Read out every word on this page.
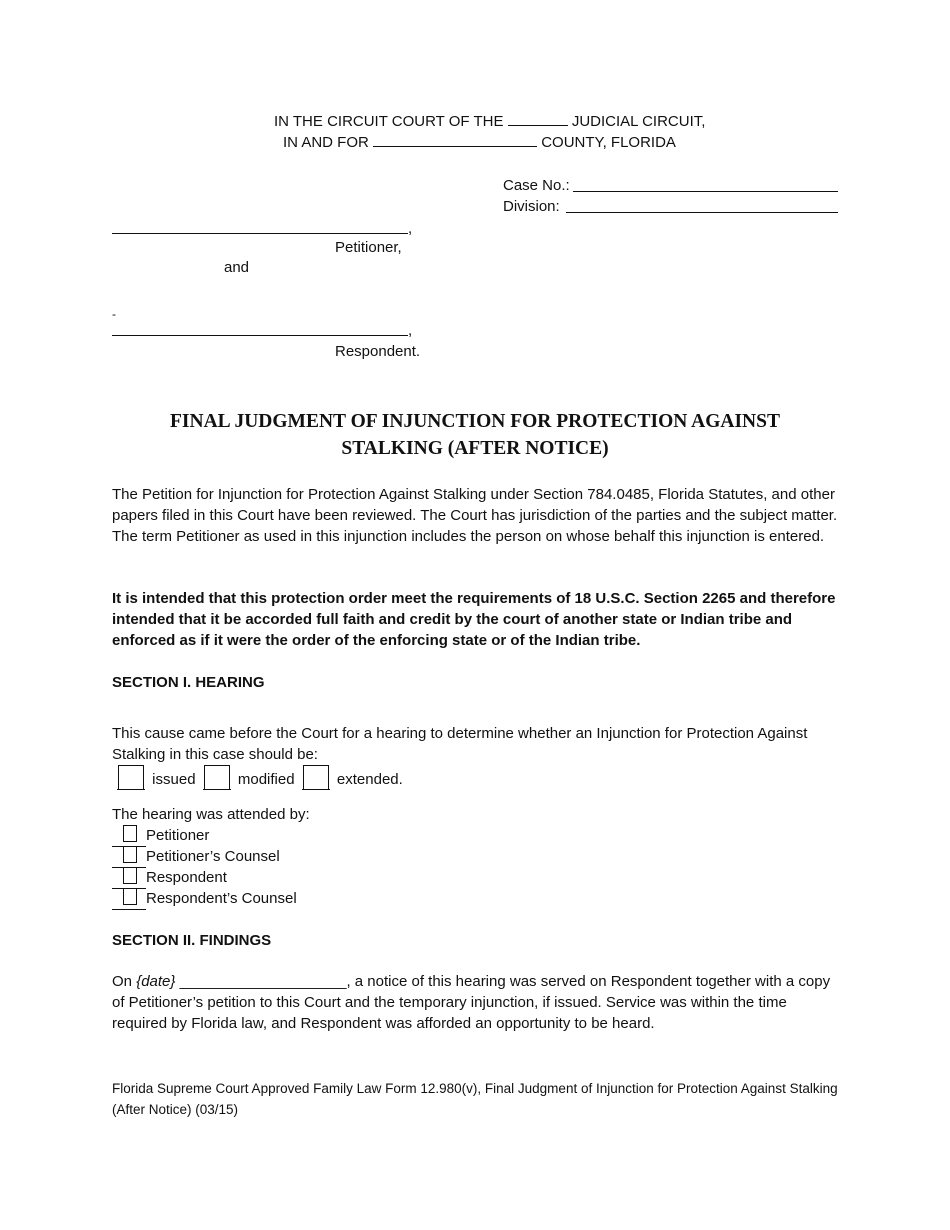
IN THE CIRCUIT COURT OF THE	JUDICIAL CIRCUIT,
IN AND FOR	COUNTY, FLORIDA
Case No.:
Division:
,
Petitioner,
and
-
,
Respondent.
FINAL JUDGMENT OF INJUNCTION FOR PROTECTION AGAINST
STALKING (AFTER NOTICE)
The Petition for Injunction for Protection Against Stalking under Section 784.0485, Florida Statutes, and other papers filed in this Court have been reviewed. The Court has jurisdiction of the parties and the subject matter. The term Petitioner as used in this injunction includes the person on whose behalf this injunction is entered.
It is intended that this protection order meet the requirements of 18 U.S.C. Section 2265 and therefore intended that it be accorded full faith and credit by the court of another state or Indian tribe and enforced as if it were the order of the enforcing state or of the Indian tribe.
SECTION I. HEARING
This cause came before the Court for a hearing to determine whether an Injunction for Protection Against Stalking in this case should be:
issued	modified	extended.
The hearing was attended by:
Petitioner
Petitioner’s Counsel
Respondent
Respondent’s Counsel
SECTION II. FINDINGS
On {date} ____________________, a notice of this hearing was served on Respondent together with a copy of Petitioner’s petition to this Court and the temporary injunction, if issued. Service was within the time required by Florida law, and Respondent was afforded an opportunity to be heard.
Florida Supreme Court Approved Family Law Form 12.980(v), Final Judgment of Injunction for Protection Against Stalking (After Notice) (03/15)
